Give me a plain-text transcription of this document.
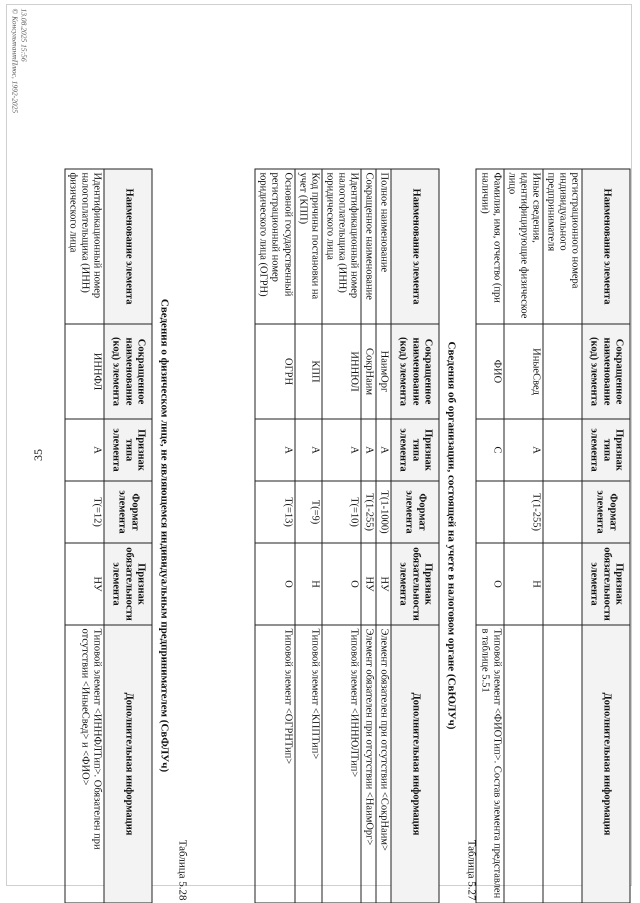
35
Наименование элемента	Сокращенное наименование (код) элемента	Признак типа элемента	Формат элемента	Признак обязательности элемента	Дополнительная информация
регистрационного номера индивидуального предпринимателя					
Иные сведения, идентифицирующие физическое лицо	ИныеСвед	А	T(1-255)	Н	
Фамилия, имя, отчество (при наличии)	ФИО	С		О	Типовой элемент <ФИОТип>. Состав элемента представлен в таблице 5.51
Таблица 5.27
Сведения об организации, состоящей на учете в налоговом органе (СвЮЛУч)
Наименование элемента	Сокращенное наименование (код) элемента	Признак типа элемента	Формат элемента	Признак обязательности элемента	Дополнительная информация
Полное наименование	НаимОрг	А	T(1-1000)	НУ	Элемент обязателен при отсутствии <СокрНаим>
Сокращенное наименование	СокрНаим	А	T(1-255)	НУ	Элемент обязателен при отсутствии <НаимОрг>
Идентификационный номер налогоплательщика (ИНН) юридического лица	ИННЮЛ	А	T(=10)	О	Типовой элемент <ИННЮЛТип>
Код причины постановки на учет (КПП)	КПП	А	T(=9)	Н	Типовой элемент <КППТип>
Основной государственный регистрационный номер юридического лица (ОГРН)	ОГРН	А	T(=13)	О	Типовой элемент <ОГРНТип>
Таблица 5.28
Сведения о физическом лице, не являющемся индивидуальным предпринимателем (СвФЛУч)
Наименование элемента	Сокращенное наименование (код) элемента	Признак типа элемента	Формат элемента	Признак обязательности элемента	Дополнительная информация
Идентификационный номер налогоплательщика (ИНН) физического лица	ИННФЛ	А	T(=12)	НУ	Типовой элемент <ИННФЛТип>. Обязателен при отсутствии <ИныеСвед> и <ФИО>
13.08.2025 15:56
© КонсультантПлюс, 1992-2025
